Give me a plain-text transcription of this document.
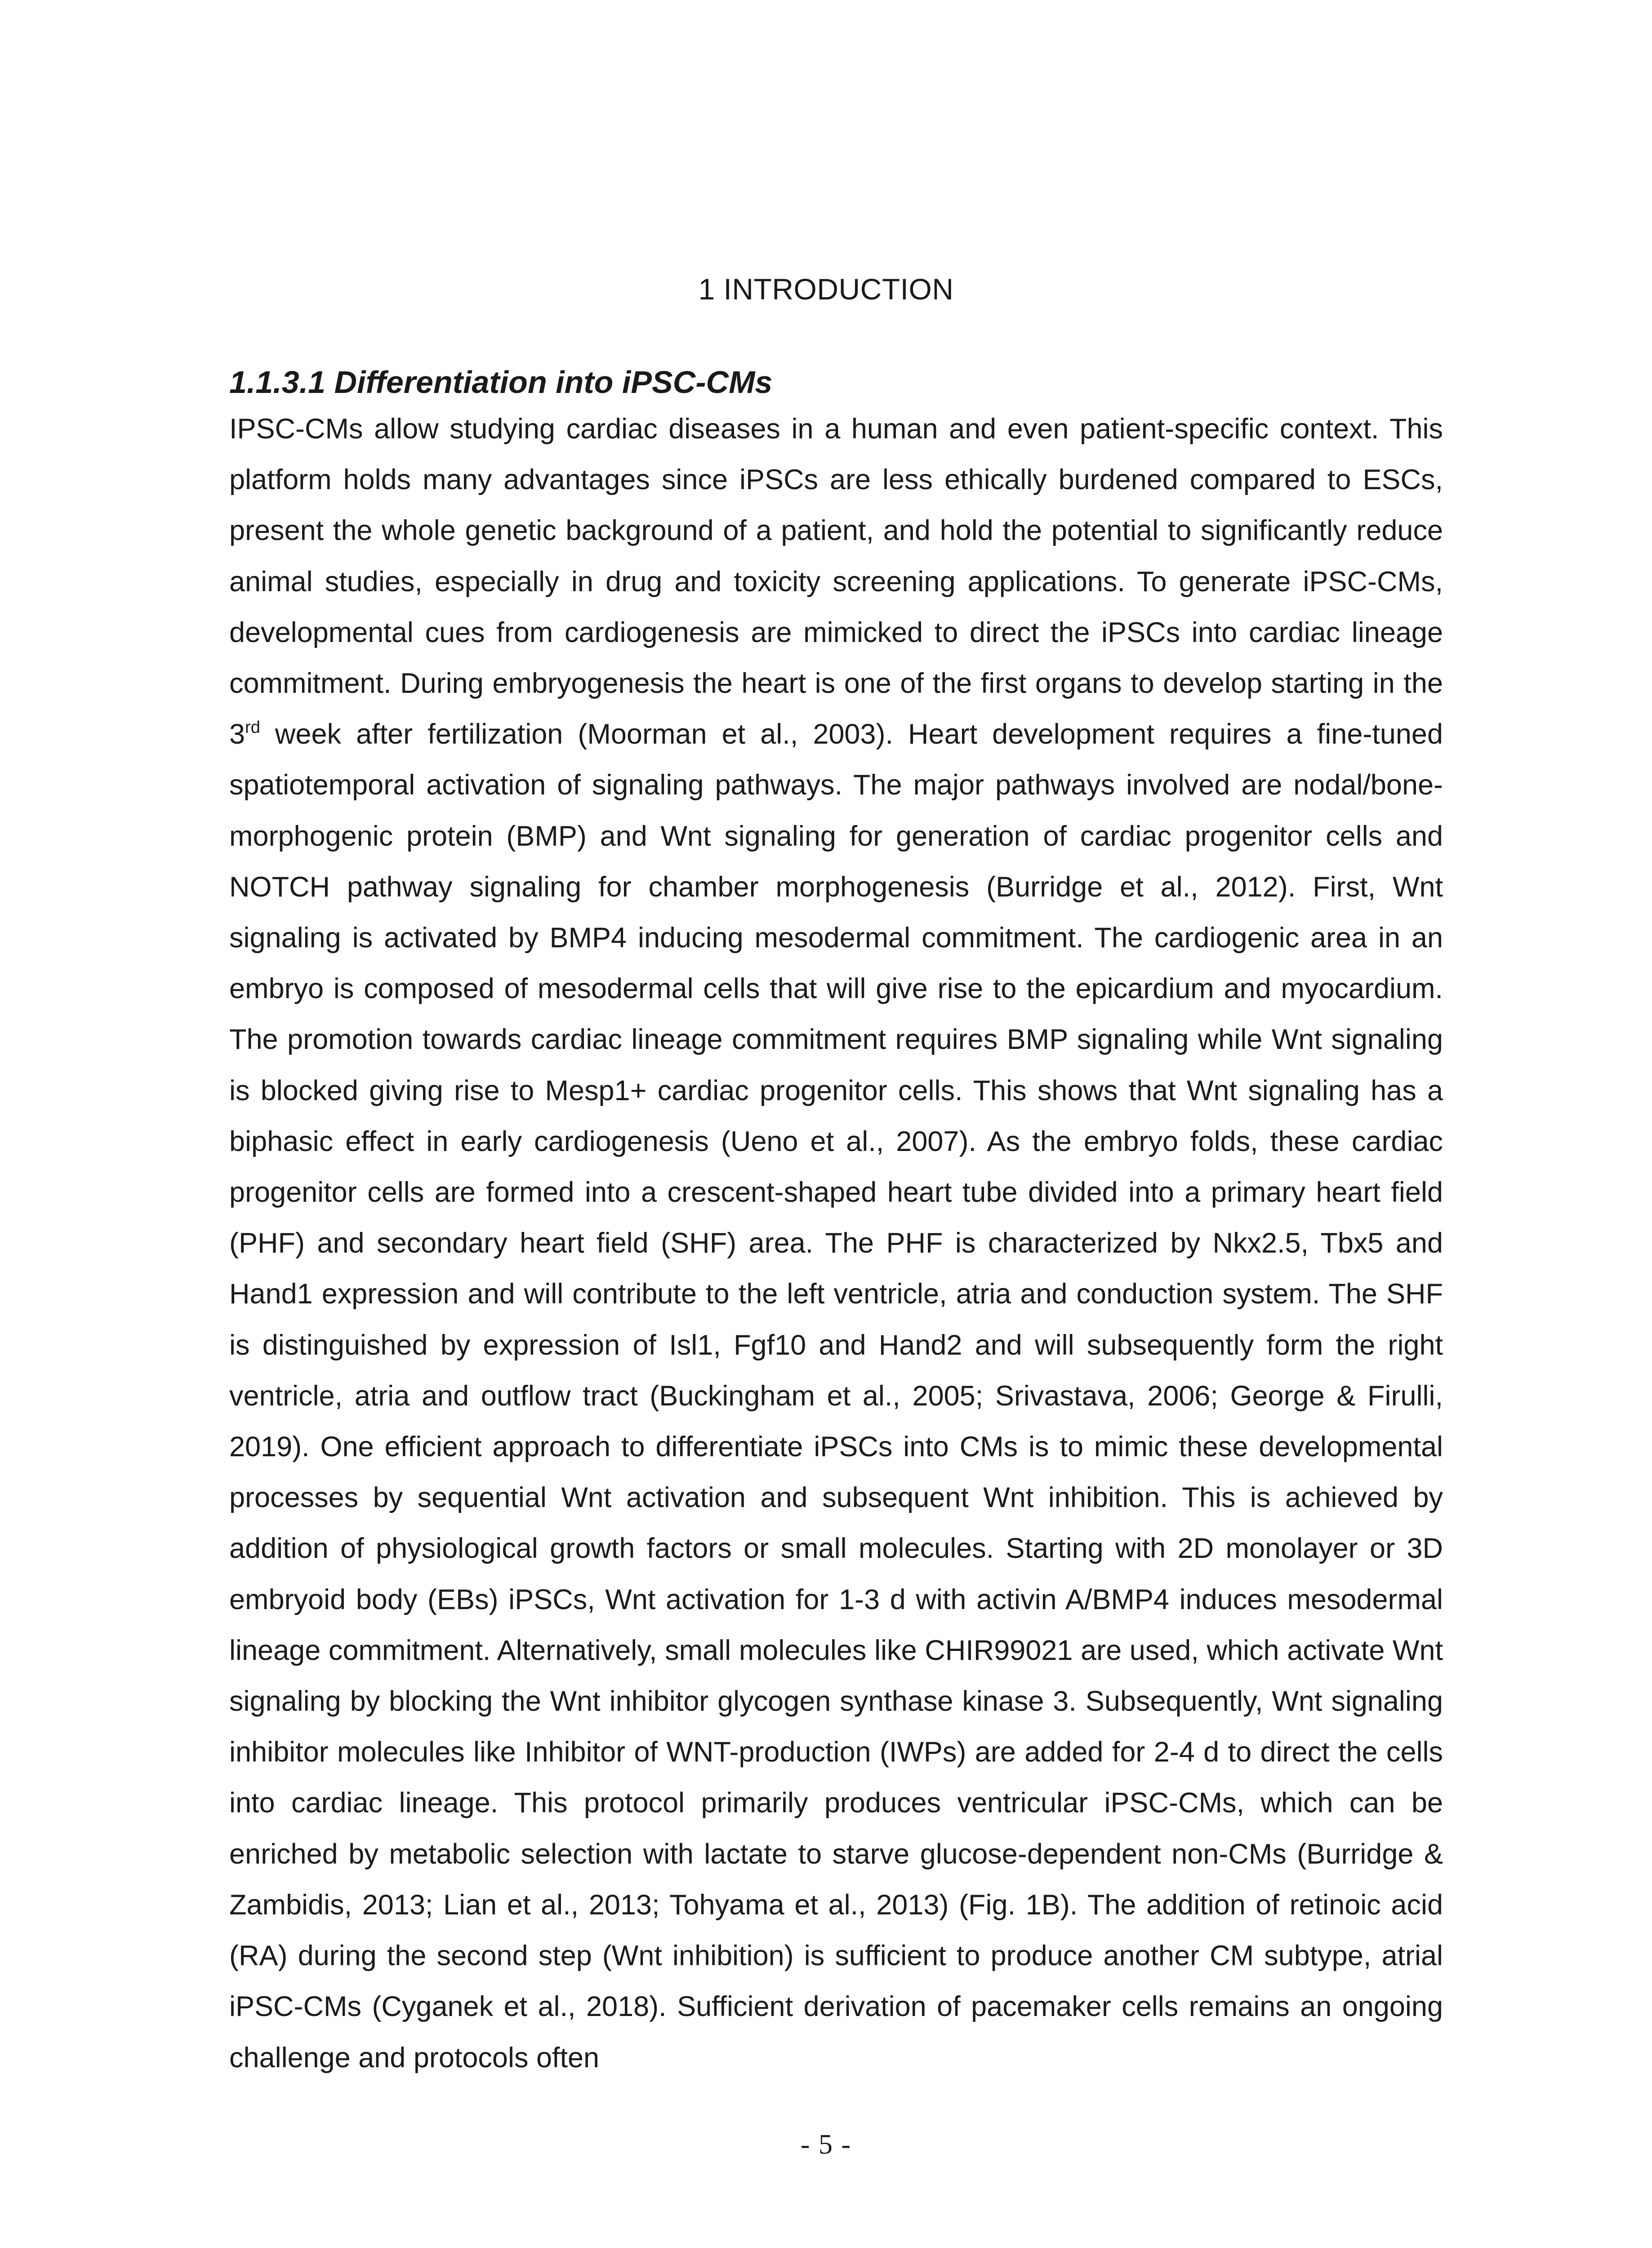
1 INTRODUCTION
1.1.3.1 Differentiation into iPSC-CMs

IPSC-CMs allow studying cardiac diseases in a human and even patient-specific context. This platform holds many advantages since iPSCs are less ethically burdened compared to ESCs, present the whole genetic background of a patient, and hold the potential to significantly reduce animal studies, especially in drug and toxicity screening applications. To generate iPSC-CMs, developmental cues from cardiogenesis are mimicked to direct the iPSCs into cardiac lineage commitment. During embryogenesis the heart is one of the first organs to develop starting in the 3rd week after fertilization (Moorman et al., 2003). Heart development requires a fine-tuned spatiotemporal activation of signaling pathways. The major pathways involved are nodal/bone-morphogenic protein (BMP) and Wnt signaling for generation of cardiac progenitor cells and NOTCH pathway signaling for chamber morphogenesis (Burridge et al., 2012). First, Wnt signaling is activated by BMP4 inducing mesodermal commitment. The cardiogenic area in an embryo is composed of mesodermal cells that will give rise to the epicardium and myocardium. The promotion towards cardiac lineage commitment requires BMP signaling while Wnt signaling is blocked giving rise to Mesp1+ cardiac progenitor cells. This shows that Wnt signaling has a biphasic effect in early cardiogenesis (Ueno et al., 2007). As the embryo folds, these cardiac progenitor cells are formed into a crescent-shaped heart tube divided into a primary heart field (PHF) and secondary heart field (SHF) area. The PHF is characterized by Nkx2.5, Tbx5 and Hand1 expression and will contribute to the left ventricle, atria and conduction system. The SHF is distinguished by expression of Isl1, Fgf10 and Hand2 and will subsequently form the right ventricle, atria and outflow tract (Buckingham et al., 2005; Srivastava, 2006; George & Firulli, 2019). One efficient approach to differentiate iPSCs into CMs is to mimic these developmental processes by sequential Wnt activation and subsequent Wnt inhibition. This is achieved by addition of physiological growth factors or small molecules. Starting with 2D monolayer or 3D embryoid body (EBs) iPSCs, Wnt activation for 1-3 d with activin A/BMP4 induces mesodermal lineage commitment. Alternatively, small molecules like CHIR99021 are used, which activate Wnt signaling by blocking the Wnt inhibitor glycogen synthase kinase 3. Subsequently, Wnt signaling inhibitor molecules like Inhibitor of WNT-production (IWPs) are added for 2-4 d to direct the cells into cardiac lineage. This protocol primarily produces ventricular iPSC-CMs, which can be enriched by metabolic selection with lactate to starve glucose-dependent non-CMs (Burridge & Zambidis, 2013; Lian et al., 2013; Tohyama et al., 2013) (Fig. 1B). The addition of retinoic acid (RA) during the second step (Wnt inhibition) is sufficient to produce another CM subtype, atrial iPSC-CMs (Cyganek et al., 2018). Sufficient derivation of pacemaker cells remains an ongoing challenge and protocols often

- 5 -
